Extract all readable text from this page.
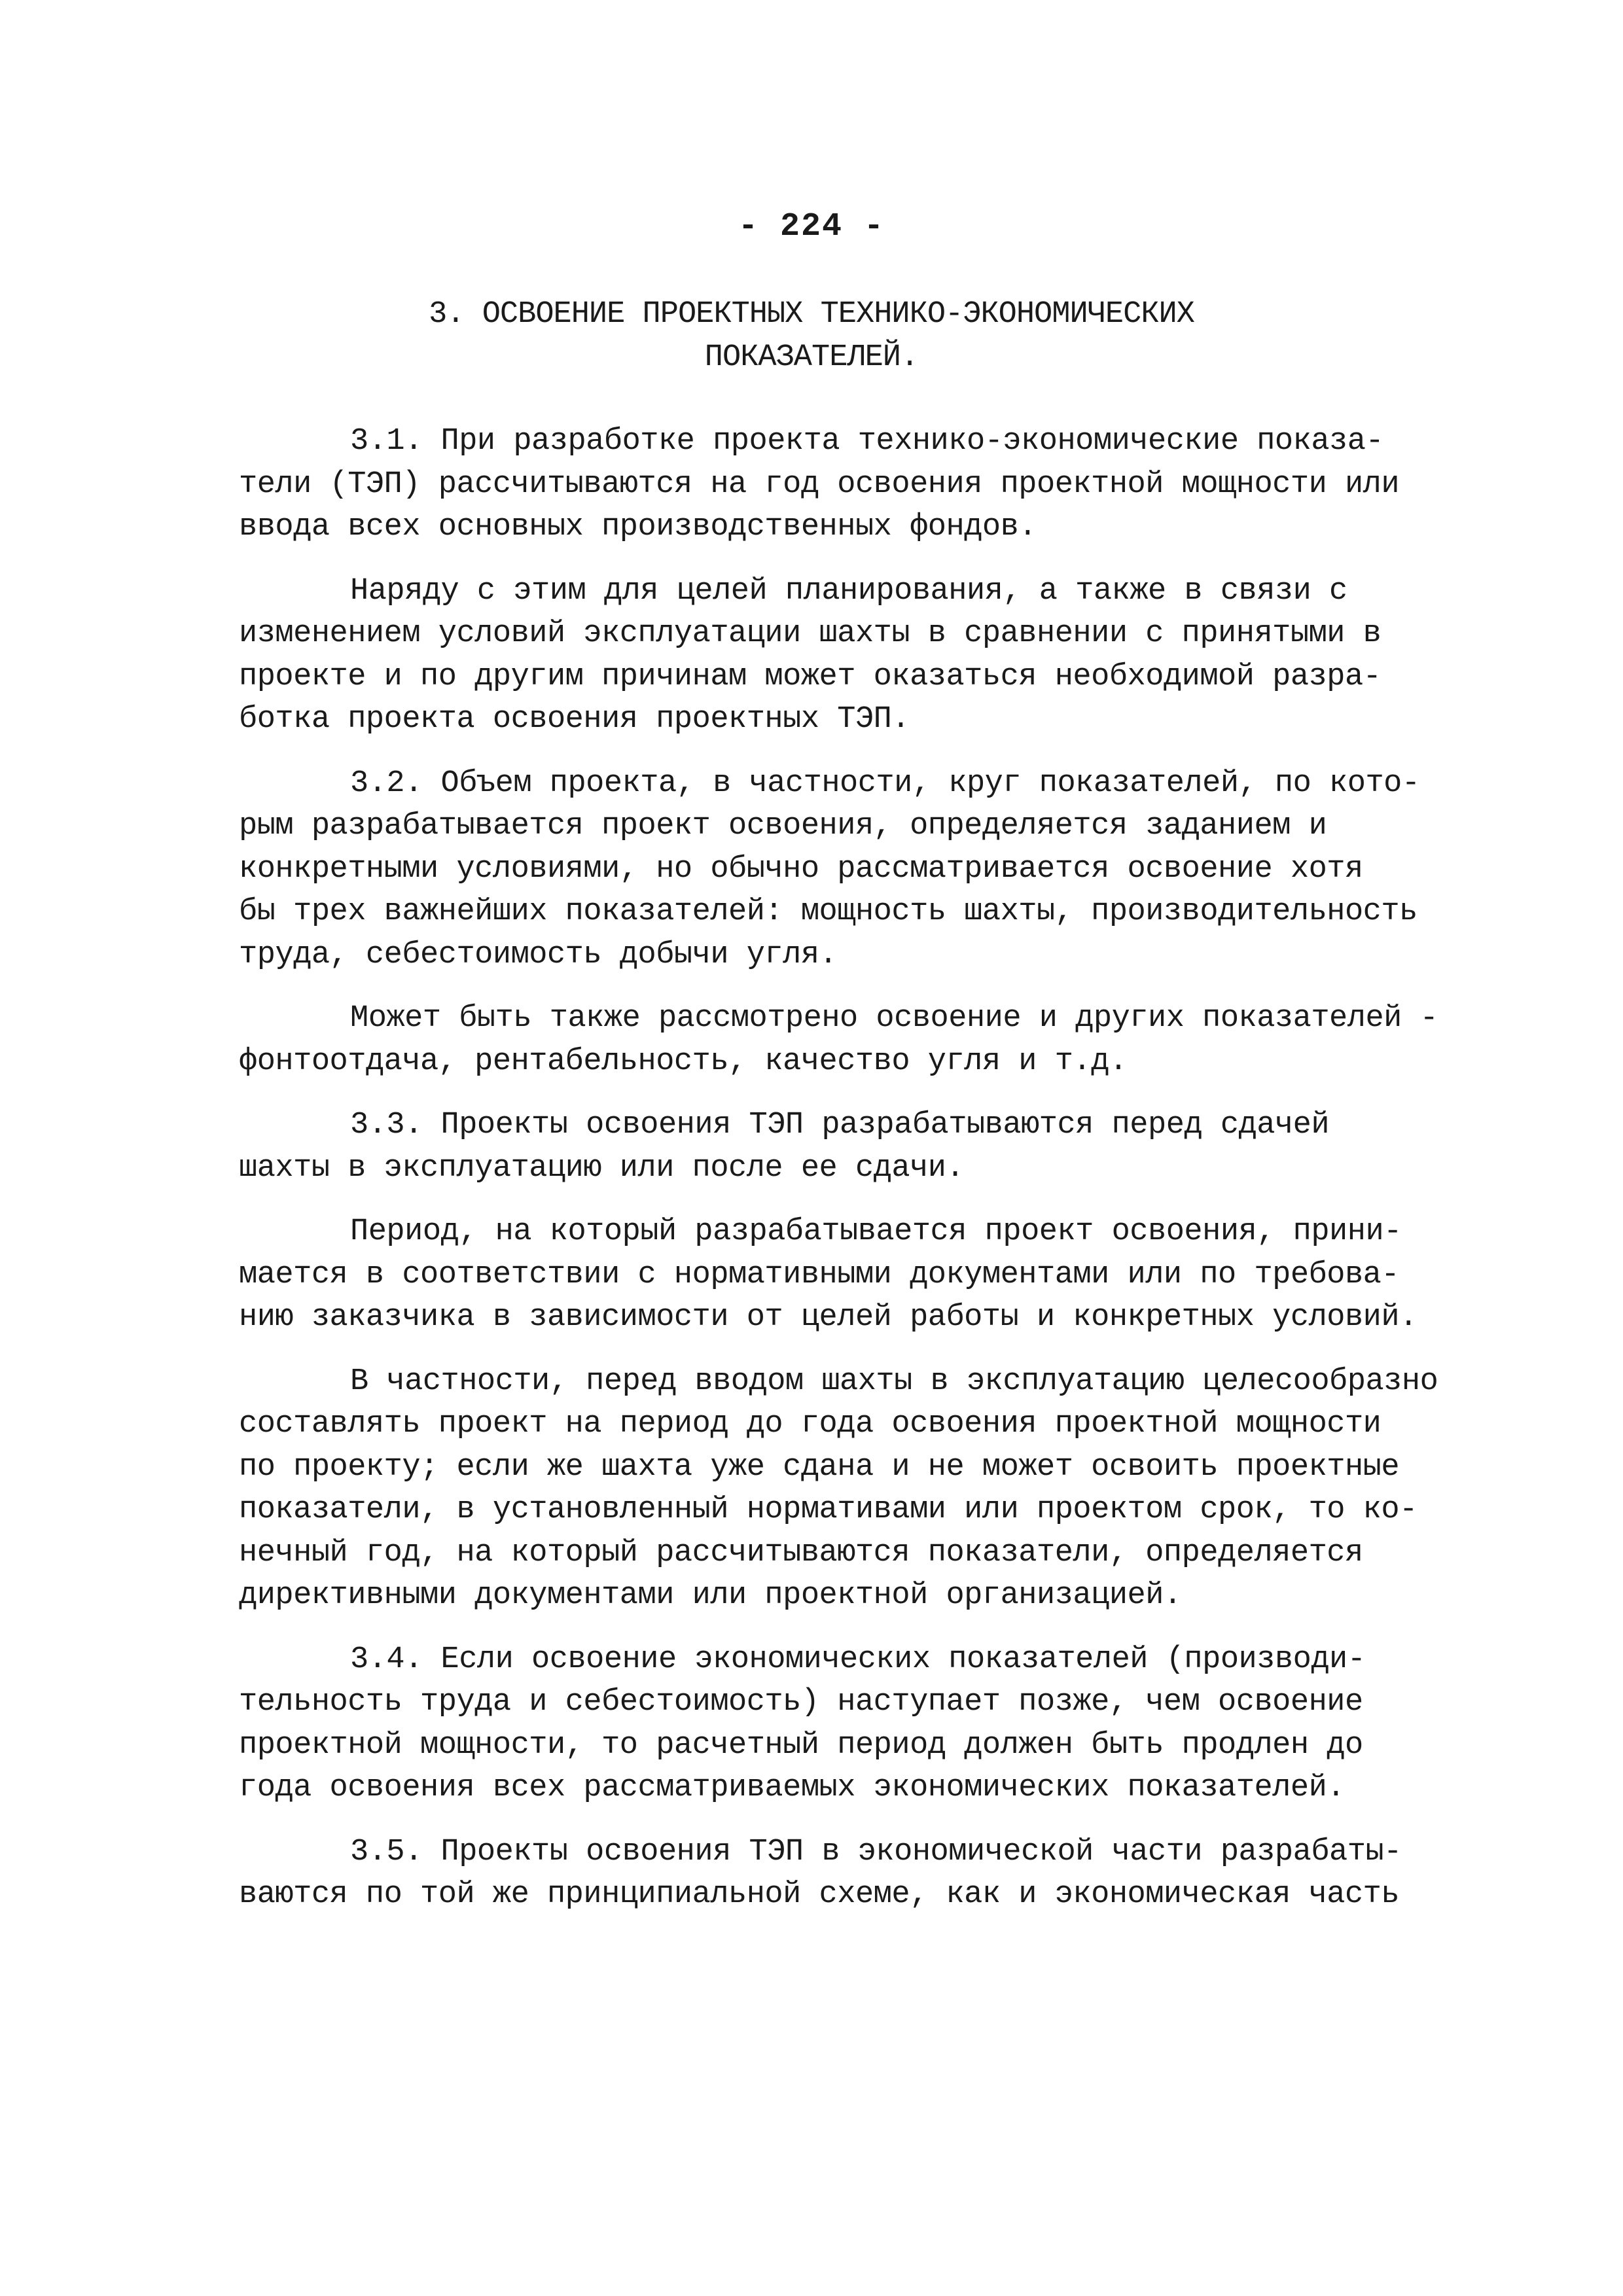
- 224 -
3. ОСВОЕНИЕ ПРОЕКТНЫХ ТЕХНИКО-ЭКОНОМИЧЕСКИХ
ПОКАЗАТЕЛЕЙ.
3.1. При разработке проекта технико-экономические показа-
тели (ТЭП) рассчитываются на год освоения проектной мощности или
ввода всех основных производственных фондов.
Наряду с этим для целей планирования, а также в связи с
изменением условий эксплуатации шахты в сравнении с принятыми в
проекте и по другим причинам может оказаться необходимой разра-
ботка проекта освоения проектных ТЭП.
3.2. Объем проекта, в частности, круг показателей, по кото-
рым разрабатывается проект освоения, определяется заданием и
конкретными условиями, но обычно рассматривается освоение хотя
бы трех важнейших показателей: мощность шахты, производительность
труда, себестоимость добычи угля.
Может быть также рассмотрено освоение и других показателей -
фонтоотдача, рентабельность, качество угля и т.д.
3.3. Проекты освоения ТЭП разрабатываются перед сдачей
шахты в эксплуатацию или после ее сдачи.
Период, на который разрабатывается проект освоения, прини-
мается в соответствии с нормативными документами или по требова-
нию заказчика в зависимости от целей работы и конкретных условий.
В частности, перед вводом шахты в эксплуатацию целесообразно
составлять проект на период до года освоения проектной мощности
по проекту; если же шахта уже сдана и не может освоить проектные
показатели, в установленный нормативами или проектом срок, то ко-
нечный год, на который рассчитываются показатели, определяется
директивными документами или проектной организацией.
3.4. Если освоение экономических показателей (производи-
тельность труда и себестоимость) наступает позже, чем освоение
проектной мощности, то расчетный период должен быть продлен до
года освоения всех рассматриваемых экономических показателей.
3.5. Проекты освоения ТЭП в экономической части разрабаты-
ваются по той же принципиальной схеме, как и экономическая часть
